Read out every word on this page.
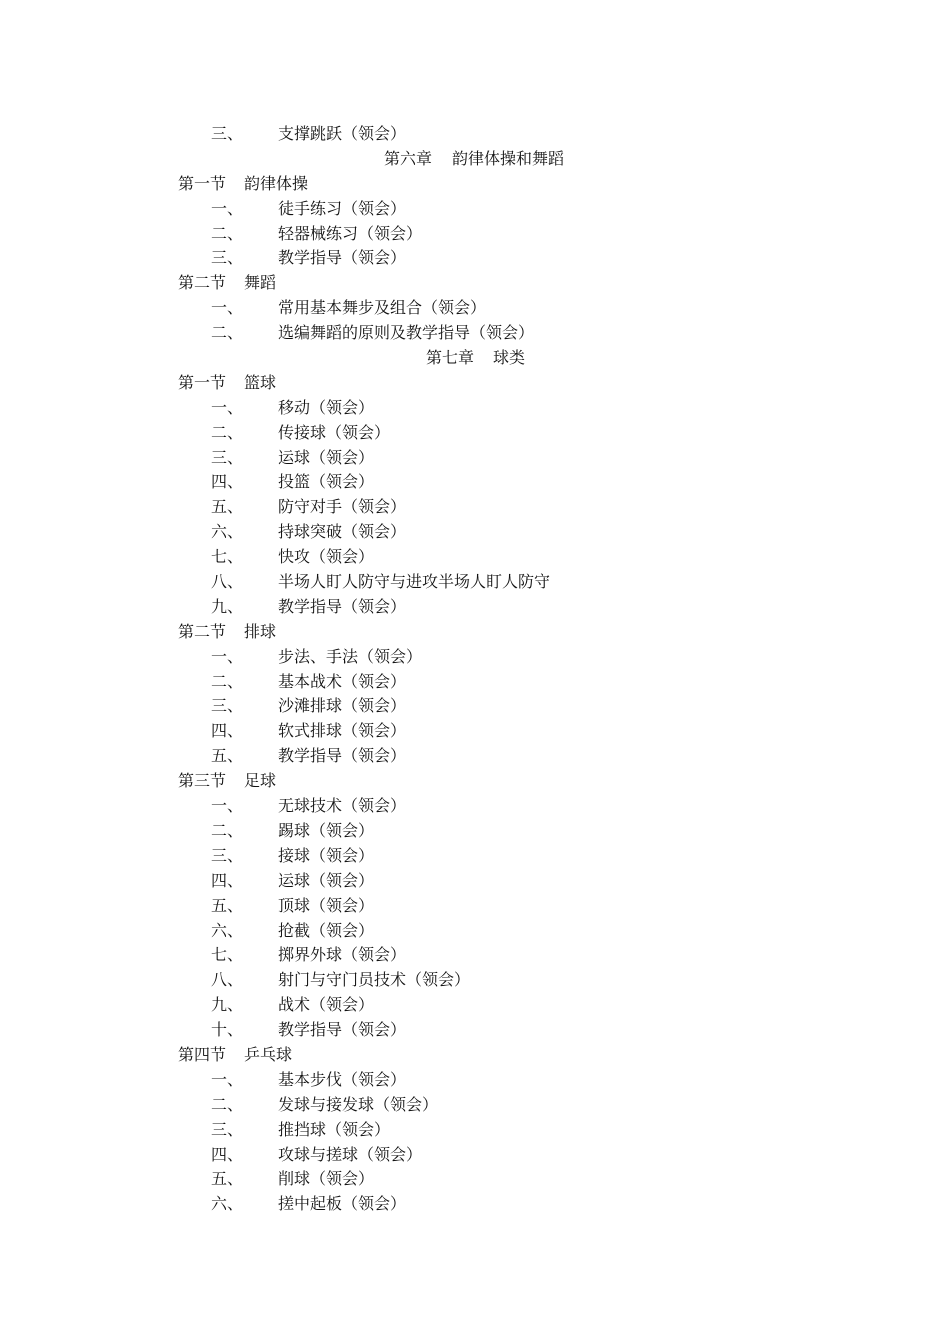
三、 支撑跳跃（领会）
第六章 韵律体操和舞蹈
第一节 韵律体操
一、 徒手练习（领会）
二、 轻器械练习（领会）
三、 教学指导（领会）
第二节 舞蹈
一、 常用基本舞步及组合（领会）
二、 选编舞蹈的原则及教学指导（领会）
第七章 球类
第一节 篮球
一、 移动（领会）
二、 传接球（领会）
三、 运球（领会）
四、 投篮（领会）
五、 防守对手（领会）
六、 持球突破（领会）
七、 快攻（领会）
八、 半场人盯人防守与进攻半场人盯人防守
九、 教学指导（领会）
第二节 排球
一、 步法、手法（领会）
二、 基本战术（领会）
三、 沙滩排球（领会）
四、 软式排球（领会）
五、 教学指导（领会）
第三节 足球
一、 无球技术（领会）
二、 踢球（领会）
三、 接球（领会）
四、 运球（领会）
五、 顶球（领会）
六、 抢截（领会）
七、 掷界外球（领会）
八、 射门与守门员技术（领会）
九、 战术（领会）
十、 教学指导（领会）
第四节 乒乓球
一、 基本步伐（领会）
二、 发球与接发球（领会）
三、 推挡球（领会）
四、 攻球与搓球（领会）
五、 削球（领会）
六、 搓中起板（领会）
